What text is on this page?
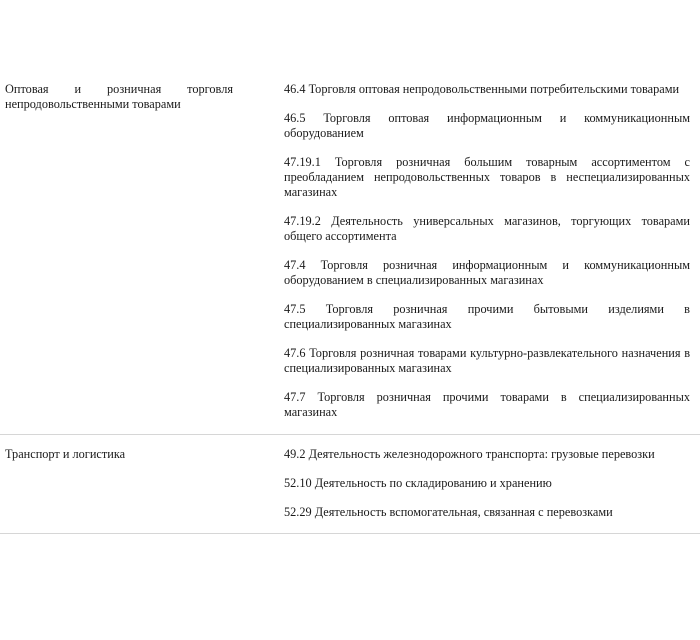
Оптовая и розничная торговля непродовольственными товарами

46.4 Торговля оптовая непродовольственными потребительскими товарами

46.5 Торговля оптовая информационным и коммуникационным оборудованием

47.19.1 Торговля розничная большим товарным ассортиментом с преобладанием непродовольственных товаров в неспециализированных магазинах

47.19.2 Деятельность универсальных магазинов, торгующих товарами общего ассортимента

47.4 Торговля розничная информационным и коммуникационным оборудованием в специализированных магазинах

47.5 Торговля розничная прочими бытовыми изделиями в специализированных магазинах

47.6 Торговля розничная товарами культурно-развлекательного назначения в специализированных магазинах

47.7 Торговля розничная прочими товарами в специализированных магазинах

Транспорт и логистика	49.2 Деятельность железнодорожного транспорта: грузовые перевозки

52.10 Деятельность по складированию и хранению

52.29 Деятельность вспомогательная, связанная с перевозками
